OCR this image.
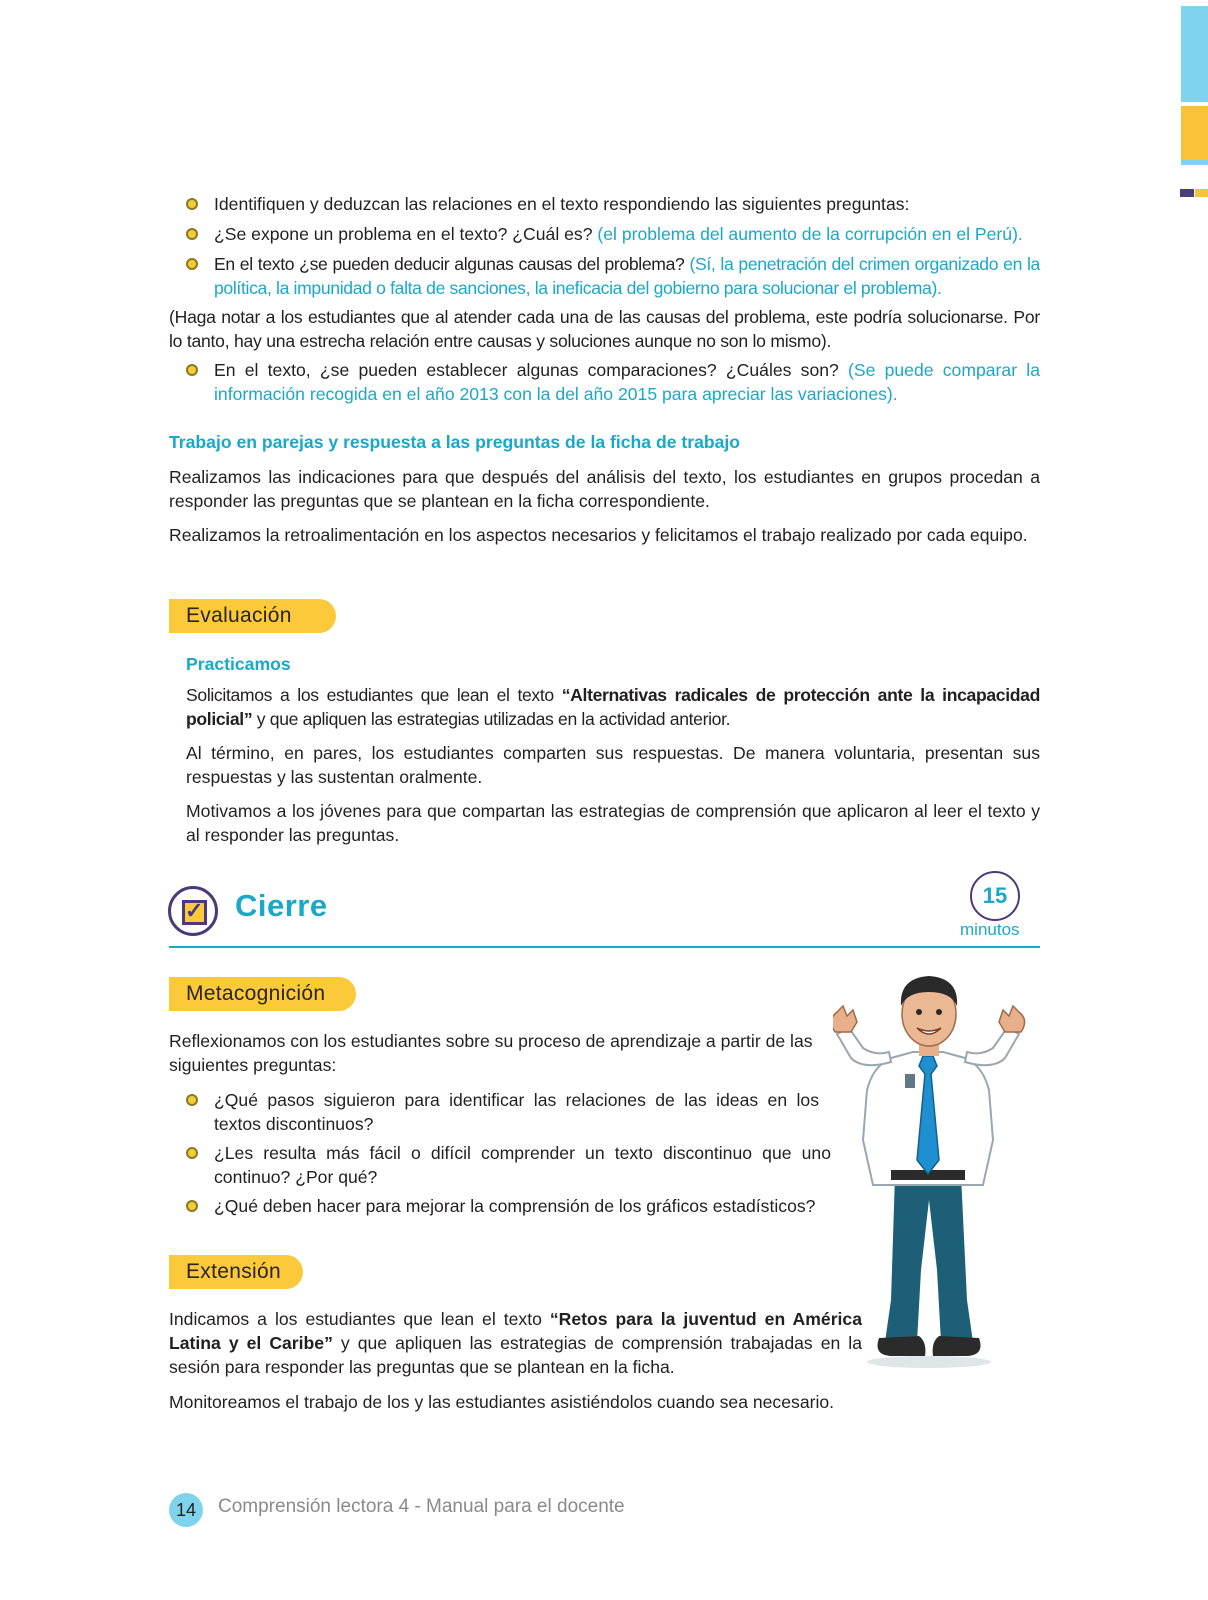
Identifiquen y deduzcan las relaciones en el texto respondiendo las siguientes preguntas:
¿Se expone un problema en el texto? ¿Cuál es? (el problema del aumento de la corrupción en el Perú).
En el texto ¿se pueden deducir algunas causas del problema? (Sí, la penetración del crimen organizado en la política, la impunidad o falta de sanciones, la ineficacia del gobierno para solucionar el problema).
(Haga notar a los estudiantes que al atender cada una de las causas del problema, este podría solucionarse. Por lo tanto, hay una estrecha relación entre causas y soluciones aunque no son lo mismo).
En el texto, ¿se pueden establecer algunas comparaciones? ¿Cuáles son? (Se puede comparar la información recogida en el año 2013 con la del año 2015 para apreciar las variaciones).
Trabajo en parejas y respuesta a las preguntas de la ficha de trabajo
Realizamos las indicaciones para que después del análisis del texto, los estudiantes en grupos procedan a responder las preguntas que se plantean en la ficha correspondiente.
Realizamos la retroalimentación en los aspectos necesarios y felicitamos el trabajo realizado por cada equipo.
Evaluación
Practicamos
Solicitamos a los estudiantes que lean el texto “Alternativas radicales de protección ante la incapacidad policial” y que apliquen las estrategias utilizadas en la actividad anterior.
Al término, en pares, los estudiantes comparten sus respuestas. De manera voluntaria, presentan sus respuestas y las sustentan oralmente.
Motivamos a los jóvenes para que compartan las estrategias de comprensión que aplicaron al leer el texto y al responder las preguntas.
✓ Cierre	15
minutos
Metacognición
Reflexionamos con los estudiantes sobre su proceso de aprendizaje a partir de las siguientes preguntas:
¿Qué pasos siguieron para identificar las relaciones de las ideas en los textos discontinuos?
¿Les resulta más fácil o difícil comprender un texto discontinuo que uno continuo? ¿Por qué?
¿Qué deben hacer para mejorar la comprensión de los gráficos estadísticos?
Extensión
Indicamos a los estudiantes que lean el texto “Retos para la juventud en América Latina y el Caribe” y que apliquen las estrategias de comprensión trabajadas en la sesión para responder las preguntas que se plantean en la ficha.
Monitoreamos el trabajo de los y las estudiantes asistiéndolos cuando sea necesario.
14	Comprensión lectora 4 - Manual para el docente
